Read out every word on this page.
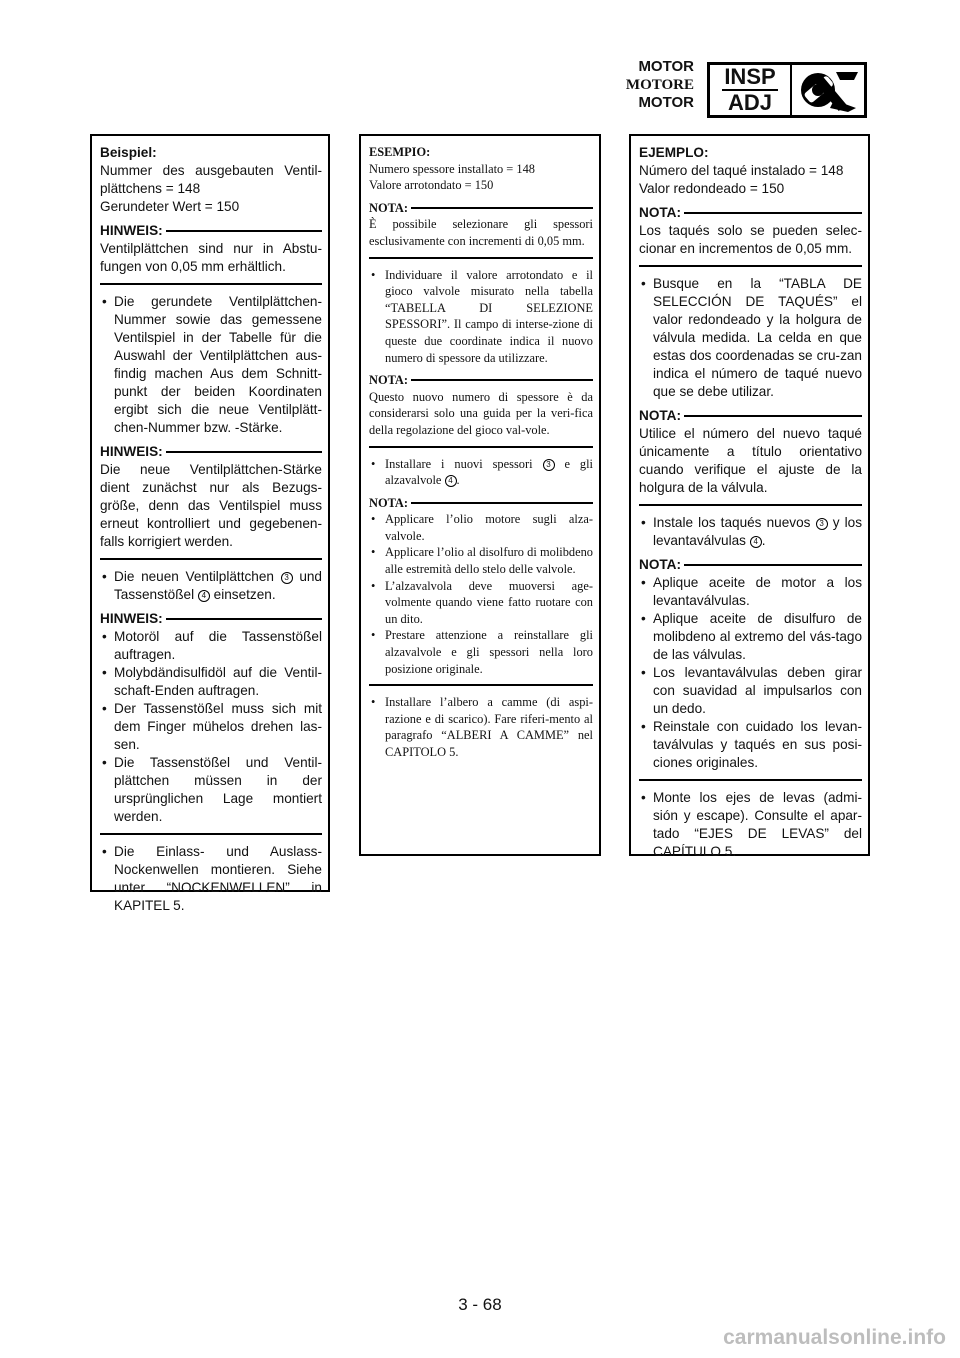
MOTOR
MOTORE
MOTOR
INSP
ADJ
Beispiel:
Nummer des ausgebauten Ventil-plättchens = 148
Gerundeter Wert = 150
HINWEIS:
Ventilplättchen sind nur in Abstu-fungen von 0,05 mm erhältlich.
• Die gerundete Ventilplättchen-Nummer sowie das gemessene Ventilspiel in der Tabelle für die Auswahl der Ventilplättchen aus-findig machen Aus dem Schnitt-punkt der beiden Koordinaten ergibt sich die neue Ventilplätt-chen-Nummer bzw. -Stärke.
HINWEIS:
Die neue Ventilplättchen-Stärke dient zunächst nur als Bezugs-größe, denn das Ventilspiel muss erneut kontrolliert und gegebenen-falls korrigiert werden.
• Die neuen Ventilplättchen 3 und Tassenstößel 4 einsetzen.
HINWEIS:
• Motoröl auf die Tassenstößel auftragen.
• Molybdändisulfidöl auf die Ventil-schaft-Enden auftragen.
• Der Tassenstößel muss sich mit dem Finger mühelos drehen las-sen.
• Die Tassenstößel und Ventil-plättchen müssen in der ursprünglichen Lage montiert werden.
• Die Einlass- und Auslass-Nockenwellen montieren. Siehe unter “NOCKENWELLEN” in KAPITEL 5.
ESEMPIO:
Numero spessore installato = 148
Valore arrotondato = 150
NOTA:
È possibile selezionare gli spessori esclusivamente con incrementi di 0,05 mm.
• Individuare il valore arrotondato e il gioco valvole misurato nella tabella “TABELLA DI SELEZIONE SPESSORI”. Il campo di interse-zione di queste due coordinate indica il nuovo numero di spessore da utilizzare.
NOTA:
Questo nuovo numero di spessore è da considerarsi solo una guida per la veri-fica della regolazione del gioco val-vole.
• Installare i nuovi spessori 3 e gli alzavalvole 4 .
NOTA:
• Applicare l’olio motore sugli alza-valvole.
• Applicare l’olio al disolfuro di molibdeno alle estremità dello stelo delle valvole.
• L’alzavalvola deve muoversi age-volmente quando viene fatto ruotare con un dito.
• Prestare attenzione a reinstallare gli alzavalvole e gli spessori nella loro posizione originale.
• Installare l’albero a camme (di aspi-razione e di scarico). Fare riferi-mento al paragrafo “ALBERI A CAMME” nel CAPITOLO 5.
EJEMPLO:
Número del taqué instalado = 148
Valor redondeado = 150
NOTA:
Los taqués solo se pueden selec-cionar en incrementos de 0,05 mm.
• Busque en la “TABLA DE SELECCIÓN DE TAQUÉS” el valor redondeado y la holgura de válvula medida. La celda en que estas dos coordenadas se cru-zan indica el número de taqué nuevo que se debe utilizar.
NOTA:
Utilice el número del nuevo taqué únicamente a título orientativo cuando verifique el ajuste de la holgura de la válvula.
• Instale los taqués nuevos 3 y los levantaválvulas 4 .
NOTA:
• Aplique aceite de motor a los levantaválvulas.
• Aplique aceite de disulfuro de molibdeno al extremo del vás-tago de las válvulas.
• Los levantaválvulas deben girar con suavidad al impulsarlos con un dedo.
• Reinstale con cuidado los levan-taválvulas y taqués en sus posi-ciones originales.
• Monte los ejes de levas (admi-sión y escape). Consulte el apar-tado “EJES DE LEVAS” del CAPÍTULO 5.
3 - 68
carmanualsonline.info
